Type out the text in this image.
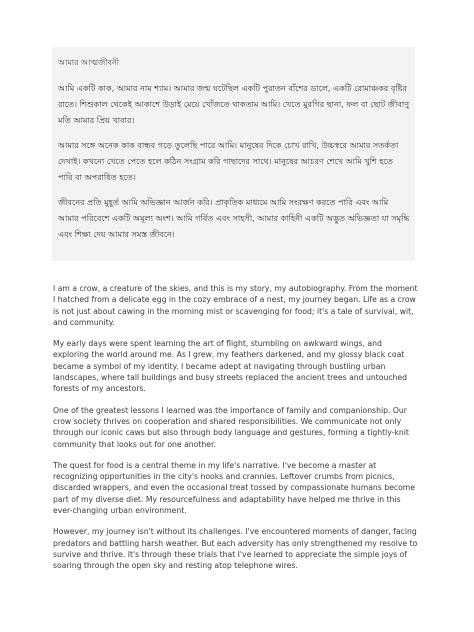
আমার আত্মজীবনী

আমি একটি কাক, আমার নাম শ্যাম। আমার জন্ম ঘটেছিল একটি পুরাতন বাঁশের ডালে, একটি রোমাঞ্চকর বৃষ্টির রাতে। শিশুকাল থেকেই আকাশে উড়াই মেয়ে খোঁজতে থাকতাম আমি। খেতে মুরগির ছানা, ফল বা ছোট জীবাণু মতি আমার প্রিয় খাবার।

আমার সঙ্গে অনেক কাক বান্ধব গড়ে তুলেছি পারে আমি। মানুষের দিকে চোখ রাখি, উচ্চস্বরে আমার সতর্কতা দেখাই। কখনো খেতে পেতে হলে কঠিন সংগ্রাম করি গাছাদের সাথে। মানুষের আচরণ শেখে আমি খুশি হতে পারি বা অপরাধিত হতে।

জীবনের প্রতি মুহূর্ত আমি অভিজ্ঞান আর্জন করি। প্রাকৃতিক মাধ্যমে আমি সংরক্ষণ করতে পারি এবং আমি আমার পরিবেশে একটি অমূল্য অংশ। আমি গর্বিত এবং সাহসী, আমার কাহিনী একটি অদ্ভুত অভিজ্ঞতা যা সমৃদ্ধি এবং শিক্ষা দেয় আমার সমস্ত জীবনে।

I am a crow, a creature of the skies, and this is my story, my autobiography. From the moment I hatched from a delicate egg in the cozy embrace of a nest, my journey began. Life as a crow is not just about cawing in the morning mist or scavenging for food; it's a tale of survival, wit, and community.

My early days were spent learning the art of flight, stumbling on awkward wings, and exploring the world around me. As I grew, my feathers darkened, and my glossy black coat became a symbol of my identity. I became adept at navigating through bustling urban landscapes, where tall buildings and busy streets replaced the ancient trees and untouched forests of my ancestors.

One of the greatest lessons I learned was the importance of family and companionship. Our crow society thrives on cooperation and shared responsibilities. We communicate not only through our iconic caws but also through body language and gestures, forming a tightly-knit community that looks out for one another.

The quest for food is a central theme in my life's narrative. I've become a master at recognizing opportunities in the city's nooks and crannies. Leftover crumbs from picnics, discarded wrappers, and even the occasional treat tossed by compassionate humans become part of my diverse diet. My resourcefulness and adaptability have helped me thrive in this ever-changing urban environment.

However, my journey isn't without its challenges. I've encountered moments of danger, facing predators and battling harsh weather. But each adversity has only strengthened my resolve to survive and thrive. It's through these trials that I've learned to appreciate the simple joys of soaring through the open sky and resting atop telephone wires.
